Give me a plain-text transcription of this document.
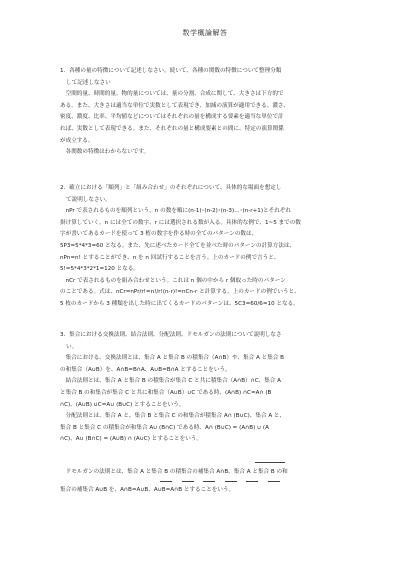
数学概論解答
1．各種の量の特徴について記述しなさい。続いて、各種の関数の特徴について整理分類
して記述しなさい
　空間的量、時間的量、物的量については、量の分割、合成に関して、大きさは下方的で
ある。また、大きさは適当な単位で実数として表現でき、加減の演算が適用できる。濃さ、
密度、濃度、比率、平均値などについてはそれぞれの量を構成する要素を適当な単位で計
れば、実数として表現できる。また、それぞれの量と構成要素との間に、特定の演算関係
が成立する。
　各関数の特徴はわからないです。
2．確立における「順列」と「組み合わせ」のそれぞれについて、具体的な場面を想定し
て説明しなさい。
　nPr で表されるものを順列という。n の数を順に(n-1)･(n-2)･(n-3)…･(n-r+1)とそれぞれ
掛け算していく。n には全ての数字、r には選択される数が入る。具体的な例で、1~5 までの数
字が書いてあるカードを使って 3 桁の数字を作る時の全てのパターンの数は、
5P3=5*4*3=60 となる。また、先に述べたカード全てを並べた時のパターンの計算方法は、
nPn=n! とすることができ、n を n 回試行することを言う。上のカードの例で言うと、
5!=5*4*3*2*1=120 となる。
　nCr で表されるものを組み合わせという。これは n 個の中から r 個取った時のパターン
のことである。式は、nCr=nPr/r!=n!/r!(n-r)!=nCn-r と計算する。上のカードの例でいうと、
5 枚のカードから 3 種類を出した時に出てくるカードのパターンは、5C3=60/6=10 となる。
3．集合における交換法則、結合法則、分配法則、ドモルガンの法則について説明しなさ
い。
　集合における、交換法則とは、集合 A と集合 B の積集合（A∩B）や、集合 A と集合 B
の和集合（A∪B）を、A∩B=B∩A、A∪B=B∩A とすることをいう。
　結合法則とは、集合 A と集合 B の積集合が集合 C と共に積集合（A∩B）∩C、集合 A
と集合 B の和集合が集合 C と共に和集合（A∪B）∪C である時、(A∩B) ∩C=A∩ (B
∩C)、(A∪B) ∪C=A∪ (B∪C) とすることをいう。
　分配法則とは、集合 A と、集合 B と集合 C の和集合が積集合 A∩ (B∪C)、集合 A と、
集合 B と集合 C の積集合が和集合 A∪ (B∩C) である時、A∩ (B∪C) = (A∩B) ∪ (A
∩C)、A∪ (B∩C) = (A∪B) ∩ (A∪C) とすることをいう。
　ドモルガンの法則とは、集合 A と集合 B の積集合の補集合 A∩B、集合 A と集合 B の和
集合の補集合 A∪B を、A∩B=A∪B、A∪B=A∩B とすることをいう。
